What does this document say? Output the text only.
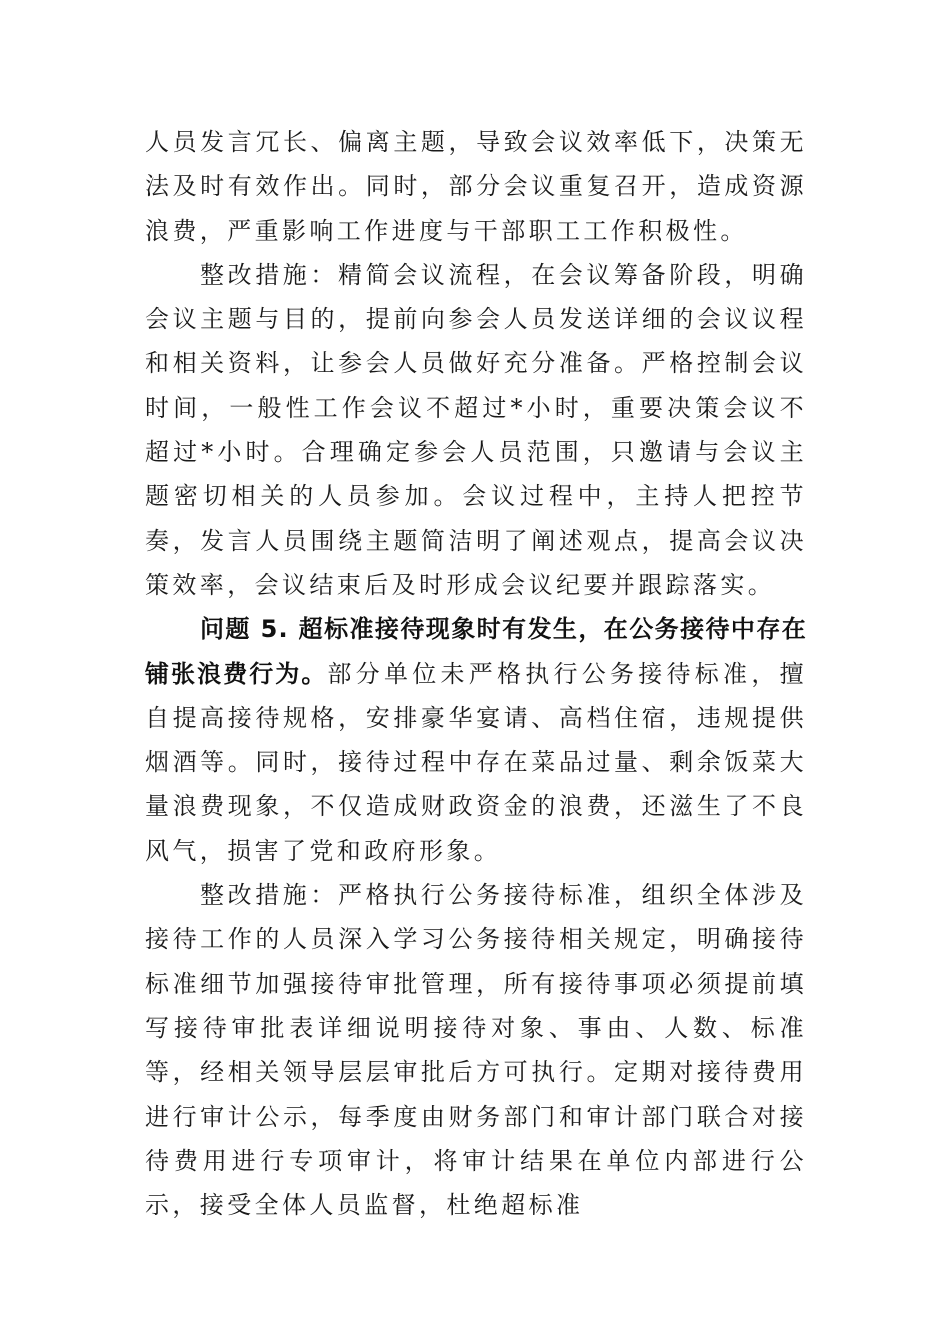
人员发言冗长、偏离主题，导致会议效率低下，决策无法及时有效作出。同时，部分会议重复召开，造成资源浪费，严重影响工作进度与干部职工工作积极性。

整改措施：精简会议流程，在会议筹备阶段，明确会议主题与目的，提前向参会人员发送详细的会议议程和相关资料，让参会人员做好充分准备。严格控制会议时间，一般性工作会议不超过*小时，重要决策会议不超过*小时。合理确定参会人员范围，只邀请与会议主题密切相关的人员参加。会议过程中，主持人把控节奏，发言人员围绕主题简洁明了阐述观点，提高会议决策效率，会议结束后及时形成会议纪要并跟踪落实。

问题 5. 超标准接待现象时有发生，在公务接待中存在铺张浪费行为。部分单位未严格执行公务接待标准，擅自提高接待规格，安排豪华宴请、高档住宿，违规提供烟酒等。同时，接待过程中存在菜品过量、剩余饭菜大量浪费现象，不仅造成财政资金的浪费，还滋生了不良风气，损害了党和政府形象。

整改措施：严格执行公务接待标准，组织全体涉及接待工作的人员深入学习公务接待相关规定，明确接待标准细节加强接待审批管理，所有接待事项必须提前填写接待审批表详细说明接待对象、事由、人数、标准等，经相关领导层层审批后方可执行。定期对接待费用进行审计公示，每季度由财务部门和审计部门联合对接待费用进行专项审计，将审计结果在单位内部进行公示，接受全体人员监督，杜绝超标准
